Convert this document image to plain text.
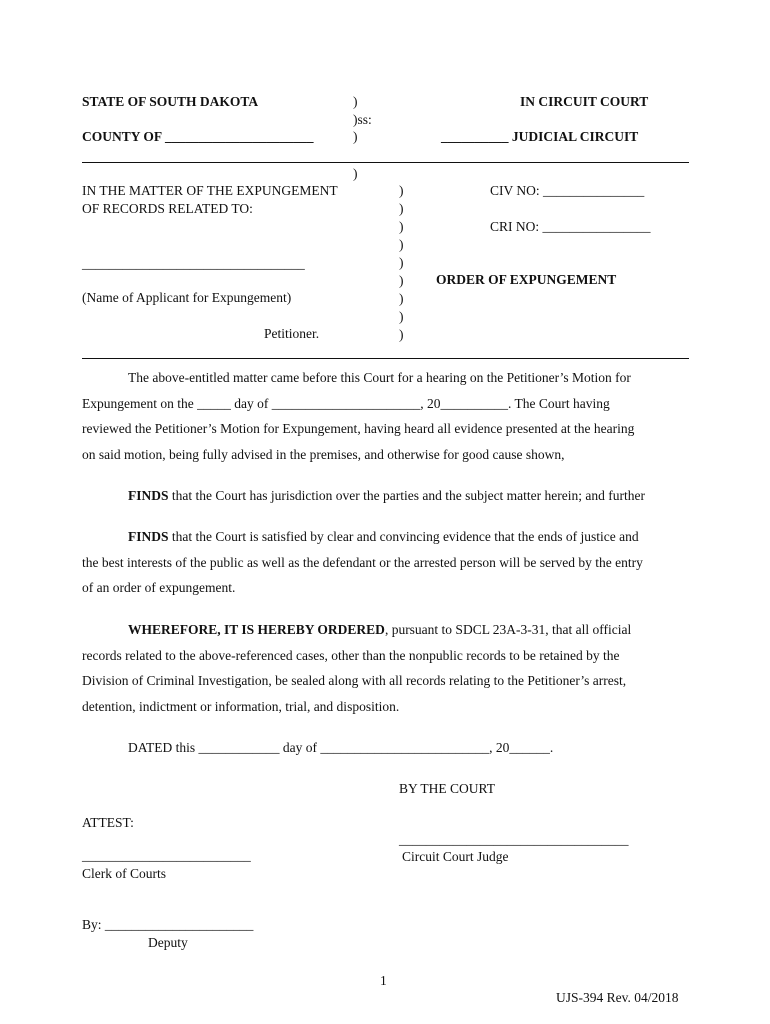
STATE OF SOUTH DAKOTA	)
)ss:
)
IN CIRCUIT COURT
COUNTY OF ______________________	__________ JUDICIAL CIRCUIT
)
IN THE MATTER OF THE EXPUNGEMENT
OF RECORDS RELATED TO:
_________________________________
(Name of Applicant for Expungement)
Petitioner.
)
)
)
)
)
)
)
)
)
CIV NO: _______________
CRI NO: ________________
ORDER OF EXPUNGEMENT
The above-entitled matter came before this Court for a hearing on the Petitioner’s Motion for
Expungement on the _____ day of ______________________, 20__________. The Court having
reviewed the Petitioner’s Motion for Expungement, having heard all evidence presented at the hearing
on said motion, being fully advised in the premises, and otherwise for good cause shown,
FINDS that the Court has jurisdiction over the parties and the subject matter herein; and further
FINDS that the Court is satisfied by clear and convincing evidence that the ends of justice and
the best interests of the public as well as the defendant or the arrested person will be served by the entry
of an order of expungement.
WHEREFORE, IT IS HEREBY ORDERED, pursuant to SDCL 23A-3-31, that all official
records related to the above-referenced cases, other than the nonpublic records to be retained by the
Division of Criminal Investigation, be sealed along with all records relating to the Petitioner’s arrest,
detention, indictment or information, trial, and disposition.
DATED this ____________ day of _________________________, 20______.
BY THE COURT
ATTEST:
__________________________________
Circuit Court Judge
_________________________
Clerk of Courts
By: ______________________
Deputy
1
UJS-394 Rev. 04/2018
